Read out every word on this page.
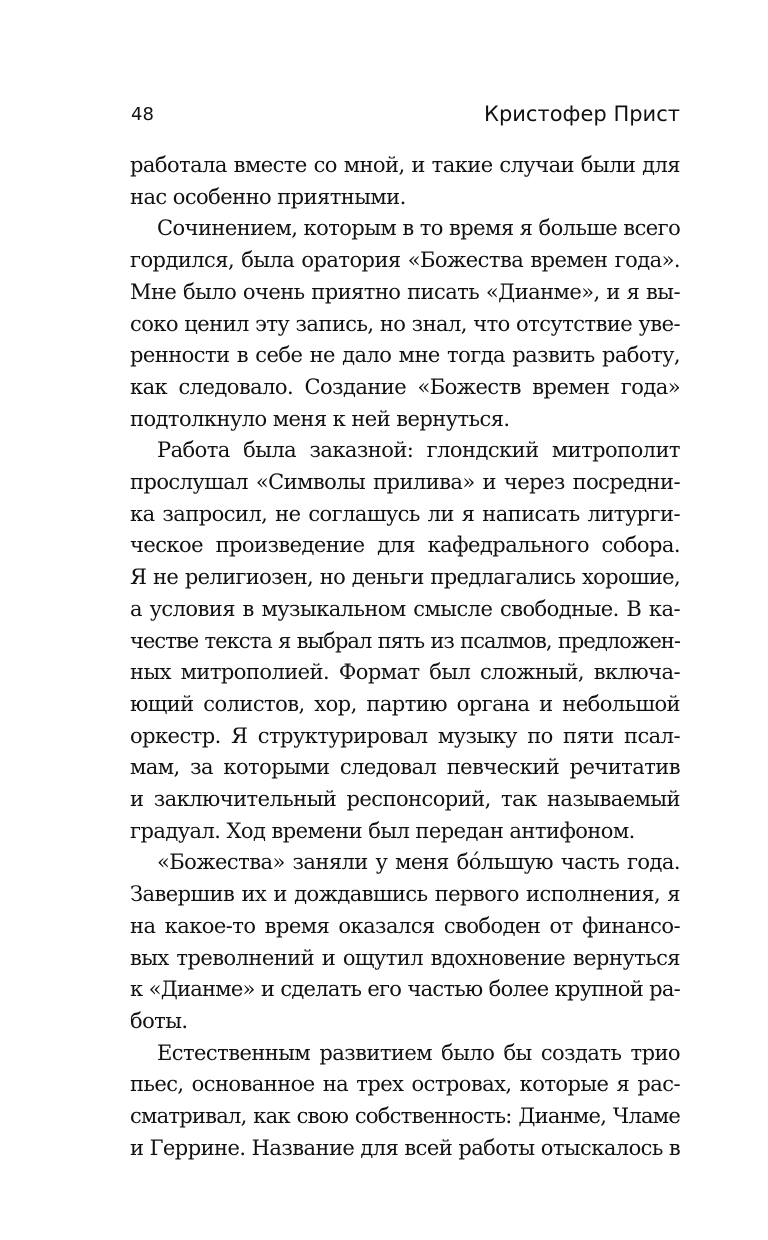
48	Кристофер Прист
работала вместе со мной, и такие случаи были для
нас особенно приятными.
Сочинением, которым в то время я больше всего
гордился, была оратория «Божества времен года».
Мне было очень приятно писать «Дианме», и я вы-
соко ценил эту запись, но знал, что отсутствие уве-
ренности в себе не дало мне тогда развить работу,
как следовало. Создание «Божеств времен года»
подтолкнуло меня к ней вернуться.
Работа была заказной: глондский митрополит
прослушал «Символы прилива» и через посредни-
ка запросил, не соглашусь ли я написать литурги-
ческое произведение для кафедрального собора.
Я не религиозен, но деньги предлагались хорошие,
а условия в музыкальном смысле свободные. В ка-
честве текста я выбрал пять из псалмов, предложен-
ных митрополией. Формат был сложный, включа-
ющий солистов, хор, партию органа и небольшой
оркестр. Я структурировал музыку по пяти псал-
мам, за которыми следовал певческий речитатив
и заключительный респонсорий, так называемый
градуал. Ход времени был передан антифоном.
«Божества» заняли у меня бо́льшую часть года.
Завершив их и дождавшись первого исполнения, я
на какое-то время оказался свободен от финансо-
вых треволнений и ощутил вдохновение вернуться
к «Дианме» и сделать его частью более крупной ра-
боты.
Естественным развитием было бы создать трио
пьес, основанное на трех островах, которые я рас-
сматривал, как свою собственность: Дианме, Чламе
и Геррине. Название для всей работы отыскалось в
